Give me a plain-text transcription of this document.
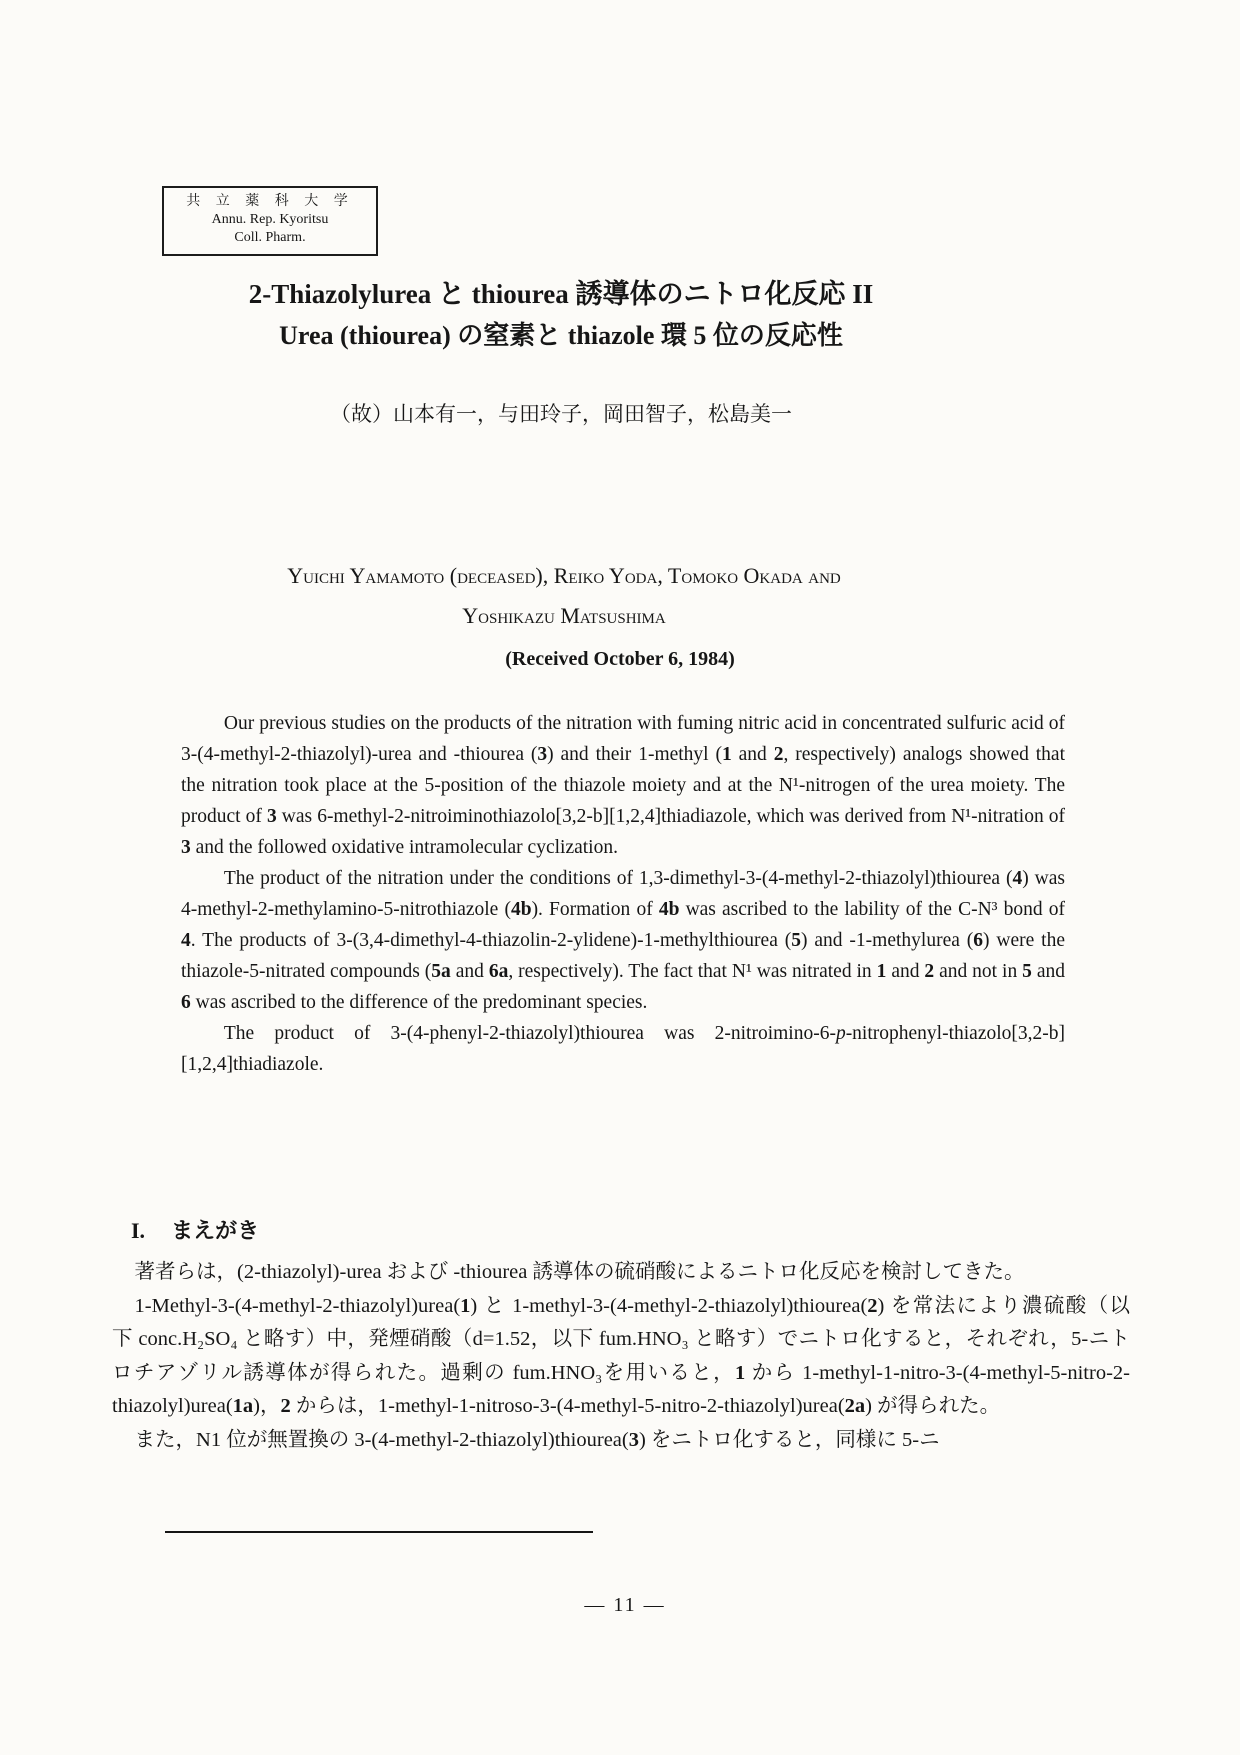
共 立 薬 科 大 学
Annu. Rep. Kyoritsu
Coll. Pharm.
2-Thiazolylurea と thiourea 誘導体のニトロ化反応 II
Urea (thiourea) の窒素と thiazole 環 5 位の反応性
（故）山本有一，与田玲子，岡田智子，松島美一
Yuichi Yamamoto (deceased), Reiko Yoda, Tomoko Okada and
Yoshikazu Matsushima
(Received October 6, 1984)

Our previous studies on the products of the nitration with fuming nitric acid in concentrated sulfuric acid of 3-(4-methyl-2-thiazolyl)-urea and -thiourea (3) and their 1-methyl (1 and 2, respectively) analogs showed that the nitration took place at the 5-position of the thiazole moiety and at the N¹-nitrogen of the urea moiety. The product of 3 was 6-methyl-2-nitroiminothiazolo[3,2-b][1,2,4]thiadiazole, which was derived from N¹-nitration of 3 and the followed oxidative intramolecular cyclization.

The product of the nitration under the conditions of 1,3-dimethyl-3-(4-methyl-2-thiazolyl)thiourea (4) was 4-methyl-2-methylamino-5-nitrothiazole (4b). Formation of 4b was ascribed to the lability of the C-N³ bond of 4. The products of 3-(3,4-dimethyl-4-thiazolin-2-ylidene)-1-methylthiourea (5) and -1-methylurea (6) were the thiazole-5-nitrated compounds (5a and 6a, respectively). The fact that N¹ was nitrated in 1 and 2 and not in 5 and 6 was ascribed to the difference of the predominant species.

The product of 3-(4-phenyl-2-thiazolyl)thiourea was 2-nitroimino-6-p-nitrophenyl-thiazolo[3,2-b][1,2,4]thiadiazole.

I. まえがき

著者らは，(2-thiazolyl)-urea および -thiourea 誘導体の硫硝酸によるニトロ化反応を検討してきた。

1-Methyl-3-(4-methyl-2-thiazolyl)urea(1) と 1-methyl-3-(4-methyl-2-thiazolyl)thiourea(2) を常法により濃硫酸（以下 conc.H₂SO₄ と略す）中，発煙硝酸（d=1.52，以下 fum.HNO₃ と略す）でニトロ化すると，それぞれ，5-ニトロチアゾリル誘導体が得られた。過剰の fum.HNO₃を用いると，1 から 1-methyl-1-nitro-3-(4-methyl-5-nitro-2-thiazolyl)urea(1a)，2 からは，1-methyl-1-nitroso-3-(4-methyl-5-nitro-2-thiazolyl)urea(2a) が得られた。

また，N1 位が無置換の 3-(4-methyl-2-thiazolyl)thiourea(3) をニトロ化すると，同様に 5-ニ

— 11 —
